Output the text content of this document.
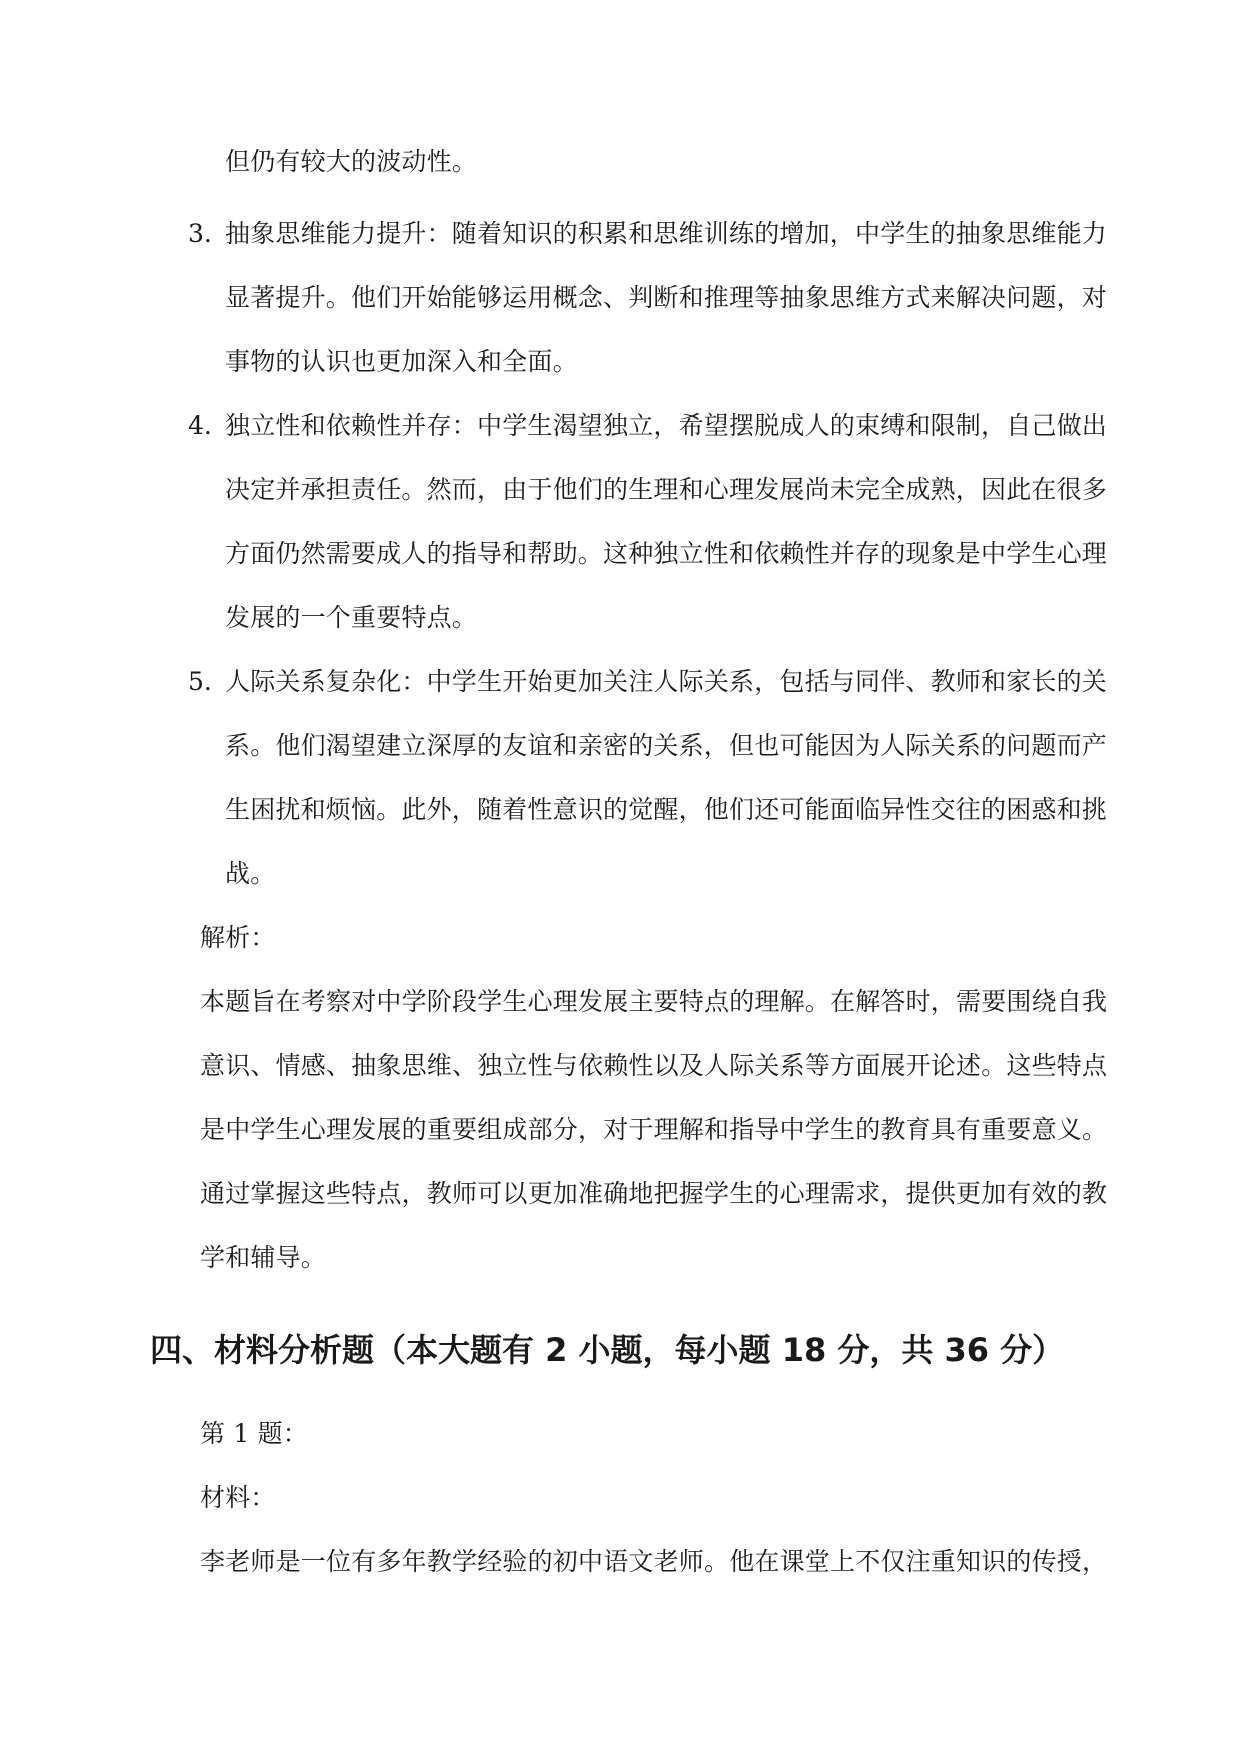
但仍有较大的波动性。
3. 抽象思维能力提升：随着知识的积累和思维训练的增加，中学生的抽象思维能力
显著提升。他们开始能够运用概念、判断和推理等抽象思维方式来解决问题，对
事物的认识也更加深入和全面。
4. 独立性和依赖性并存：中学生渴望独立，希望摆脱成人的束缚和限制，自己做出
决定并承担责任。然而，由于他们的生理和心理发展尚未完全成熟，因此在很多
方面仍然需要成人的指导和帮助。这种独立性和依赖性并存的现象是中学生心理
发展的一个重要特点。
5. 人际关系复杂化：中学生开始更加关注人际关系，包括与同伴、教师和家长的关
系。他们渴望建立深厚的友谊和亲密的关系，但也可能因为人际关系的问题而产
生困扰和烦恼。此外，随着性意识的觉醒，他们还可能面临异性交往的困惑和挑
战。
解析：
本题旨在考察对中学阶段学生心理发展主要特点的理解。在解答时，需要围绕自我
意识、情感、抽象思维、独立性与依赖性以及人际关系等方面展开论述。这些特点
是中学生心理发展的重要组成部分，对于理解和指导中学生的教育具有重要意义。
通过掌握这些特点，教师可以更加准确地把握学生的心理需求，提供更加有效的教
学和辅导。
四、材料分析题（本大题有 2 小题，每小题 18 分，共 36 分）
第 1 题：
材料：
李老师是一位有多年教学经验的初中语文老师。他在课堂上不仅注重知识的传授，
